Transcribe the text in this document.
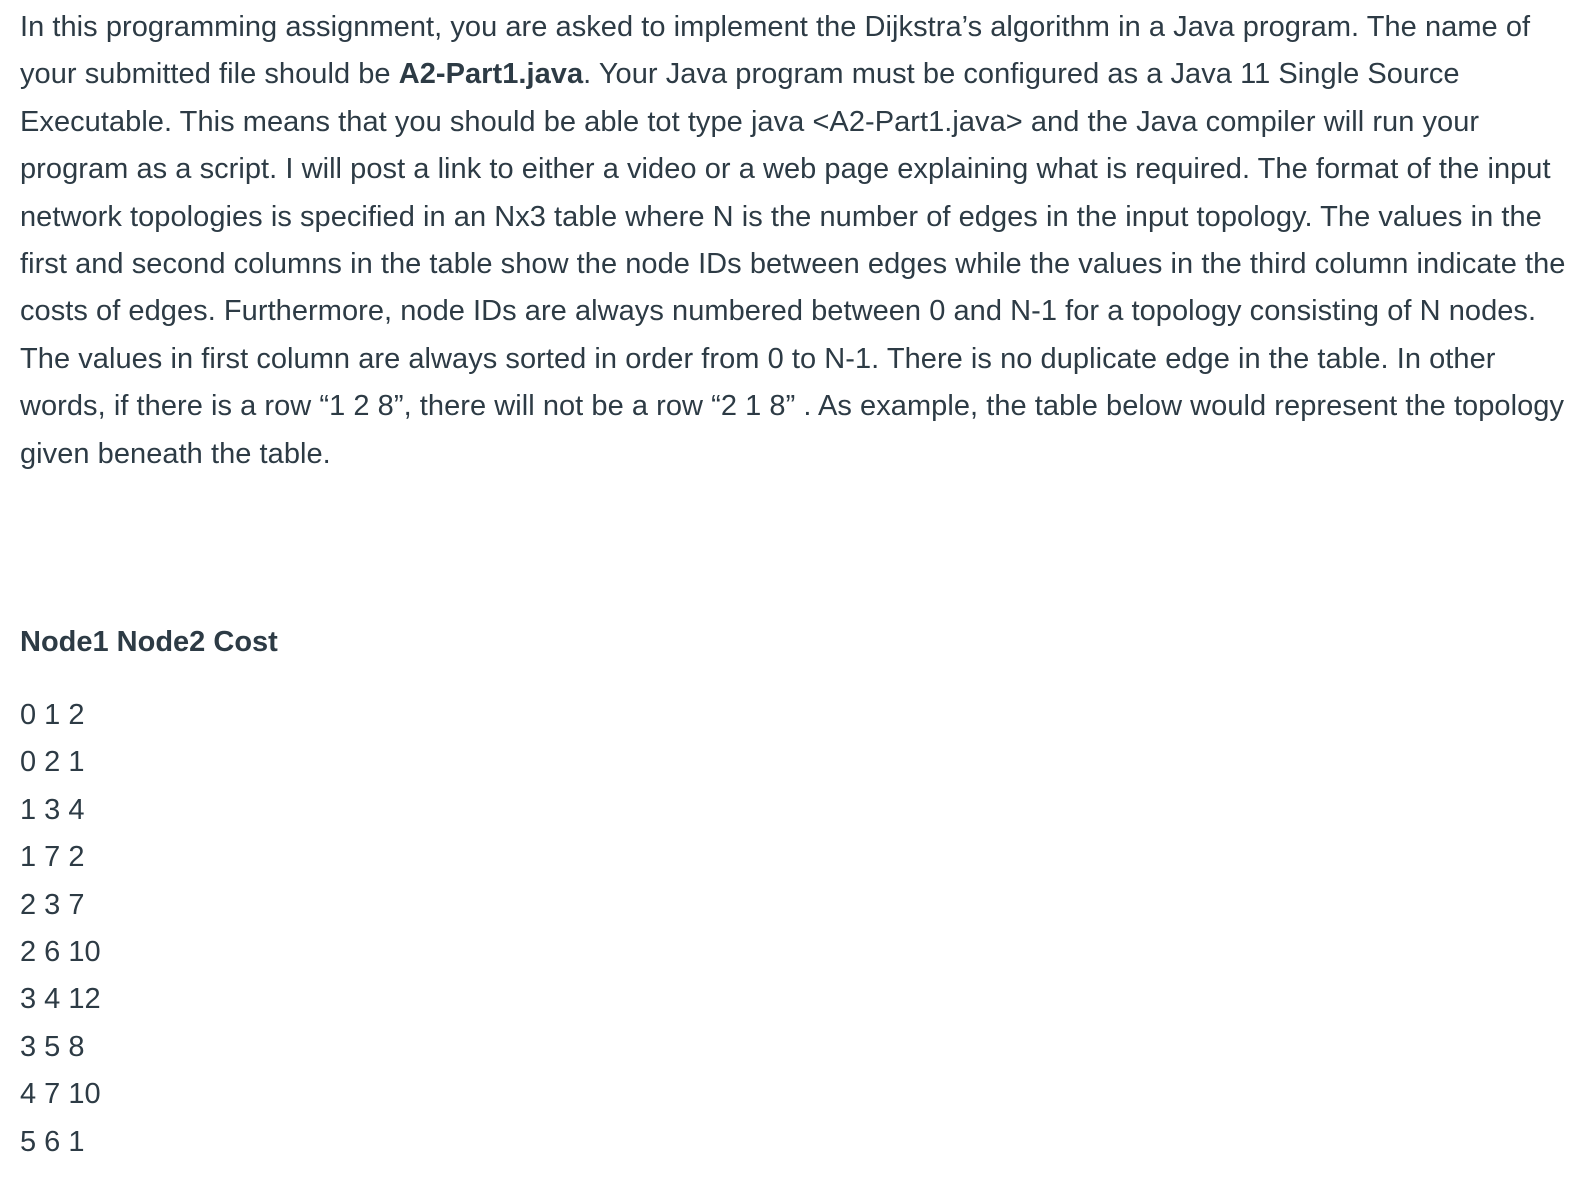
In this programming assignment, you are asked to implement the Dijkstra’s algorithm in a Java program. The name of your submitted file should be A2-Part1.java. Your Java program must be configured as a Java 11 Single Source Executable. This means that you should be able tot type java <A2-Part1.java> and the Java compiler will run your program as a script. I will post a link to either a video or a web page explaining what is required. The format of the input network topologies is specified in an Nx3 table where N is the number of edges in the input topology. The values in the first and second columns in the table show the node IDs between edges while the values in the third column indicate the costs of edges. Furthermore, node IDs are always numbered between 0 and N-1 for a topology consisting of N nodes. The values in first column are always sorted in order from 0 to N-1. There is no duplicate edge in the table. In other words, if there is a row “1 2 8”, there will not be a row “2 1 8” . As example, the table below would represent the topology given beneath the table.

Node1 Node2 Cost

0 1 2
0 2 1
1 3 4
1 7 2
2 3 7
2 6 10
3 4 12
3 5 8
4 7 10
5 6 1
